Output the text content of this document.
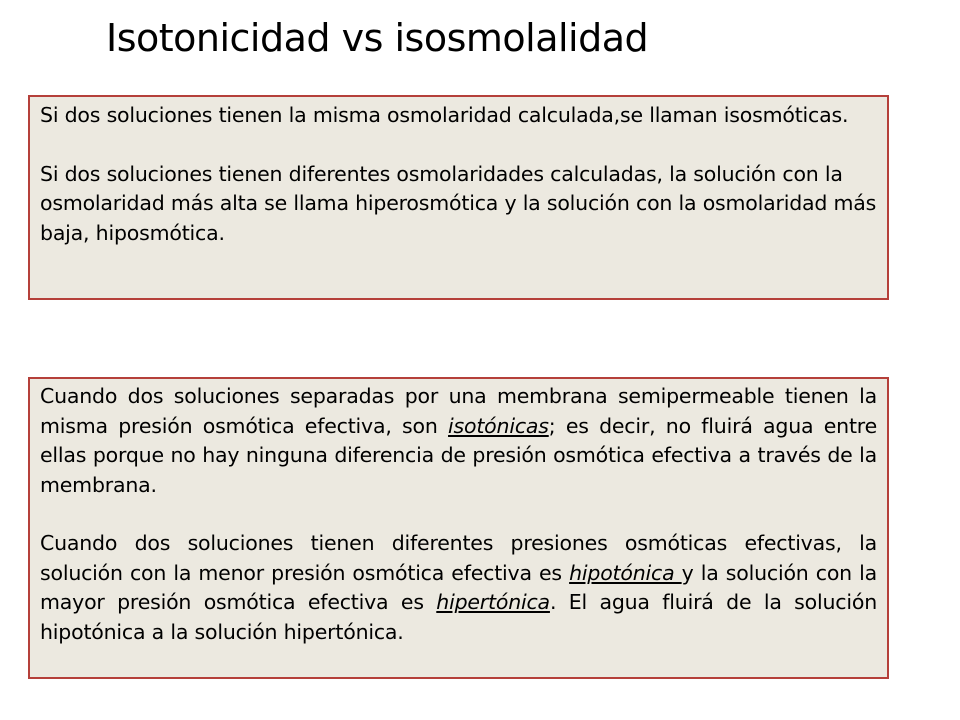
Isotonicidad vs isosmolalidad

Si dos soluciones tienen la misma osmolaridad calculada,se llaman isosmóticas.

Si dos soluciones tienen diferentes osmolaridades calculadas, la solución con la osmolaridad más alta se llama hiperosmótica y la solución con la osmolaridad más baja, hiposmótica.

Cuando dos soluciones separadas por una membrana semipermeable tienen la misma presión osmótica efectiva, son isotónicas; es decir, no fluirá agua entre ellas porque no hay ninguna diferencia de presión osmótica efectiva a través de la membrana.

Cuando dos soluciones tienen diferentes presiones osmóticas efectivas, la solución con la menor presión osmótica efectiva es hipotónica y la solución con la mayor presión osmótica efectiva es hipertónica. El agua fluirá de la solución hipotónica a la solución hipertónica.
